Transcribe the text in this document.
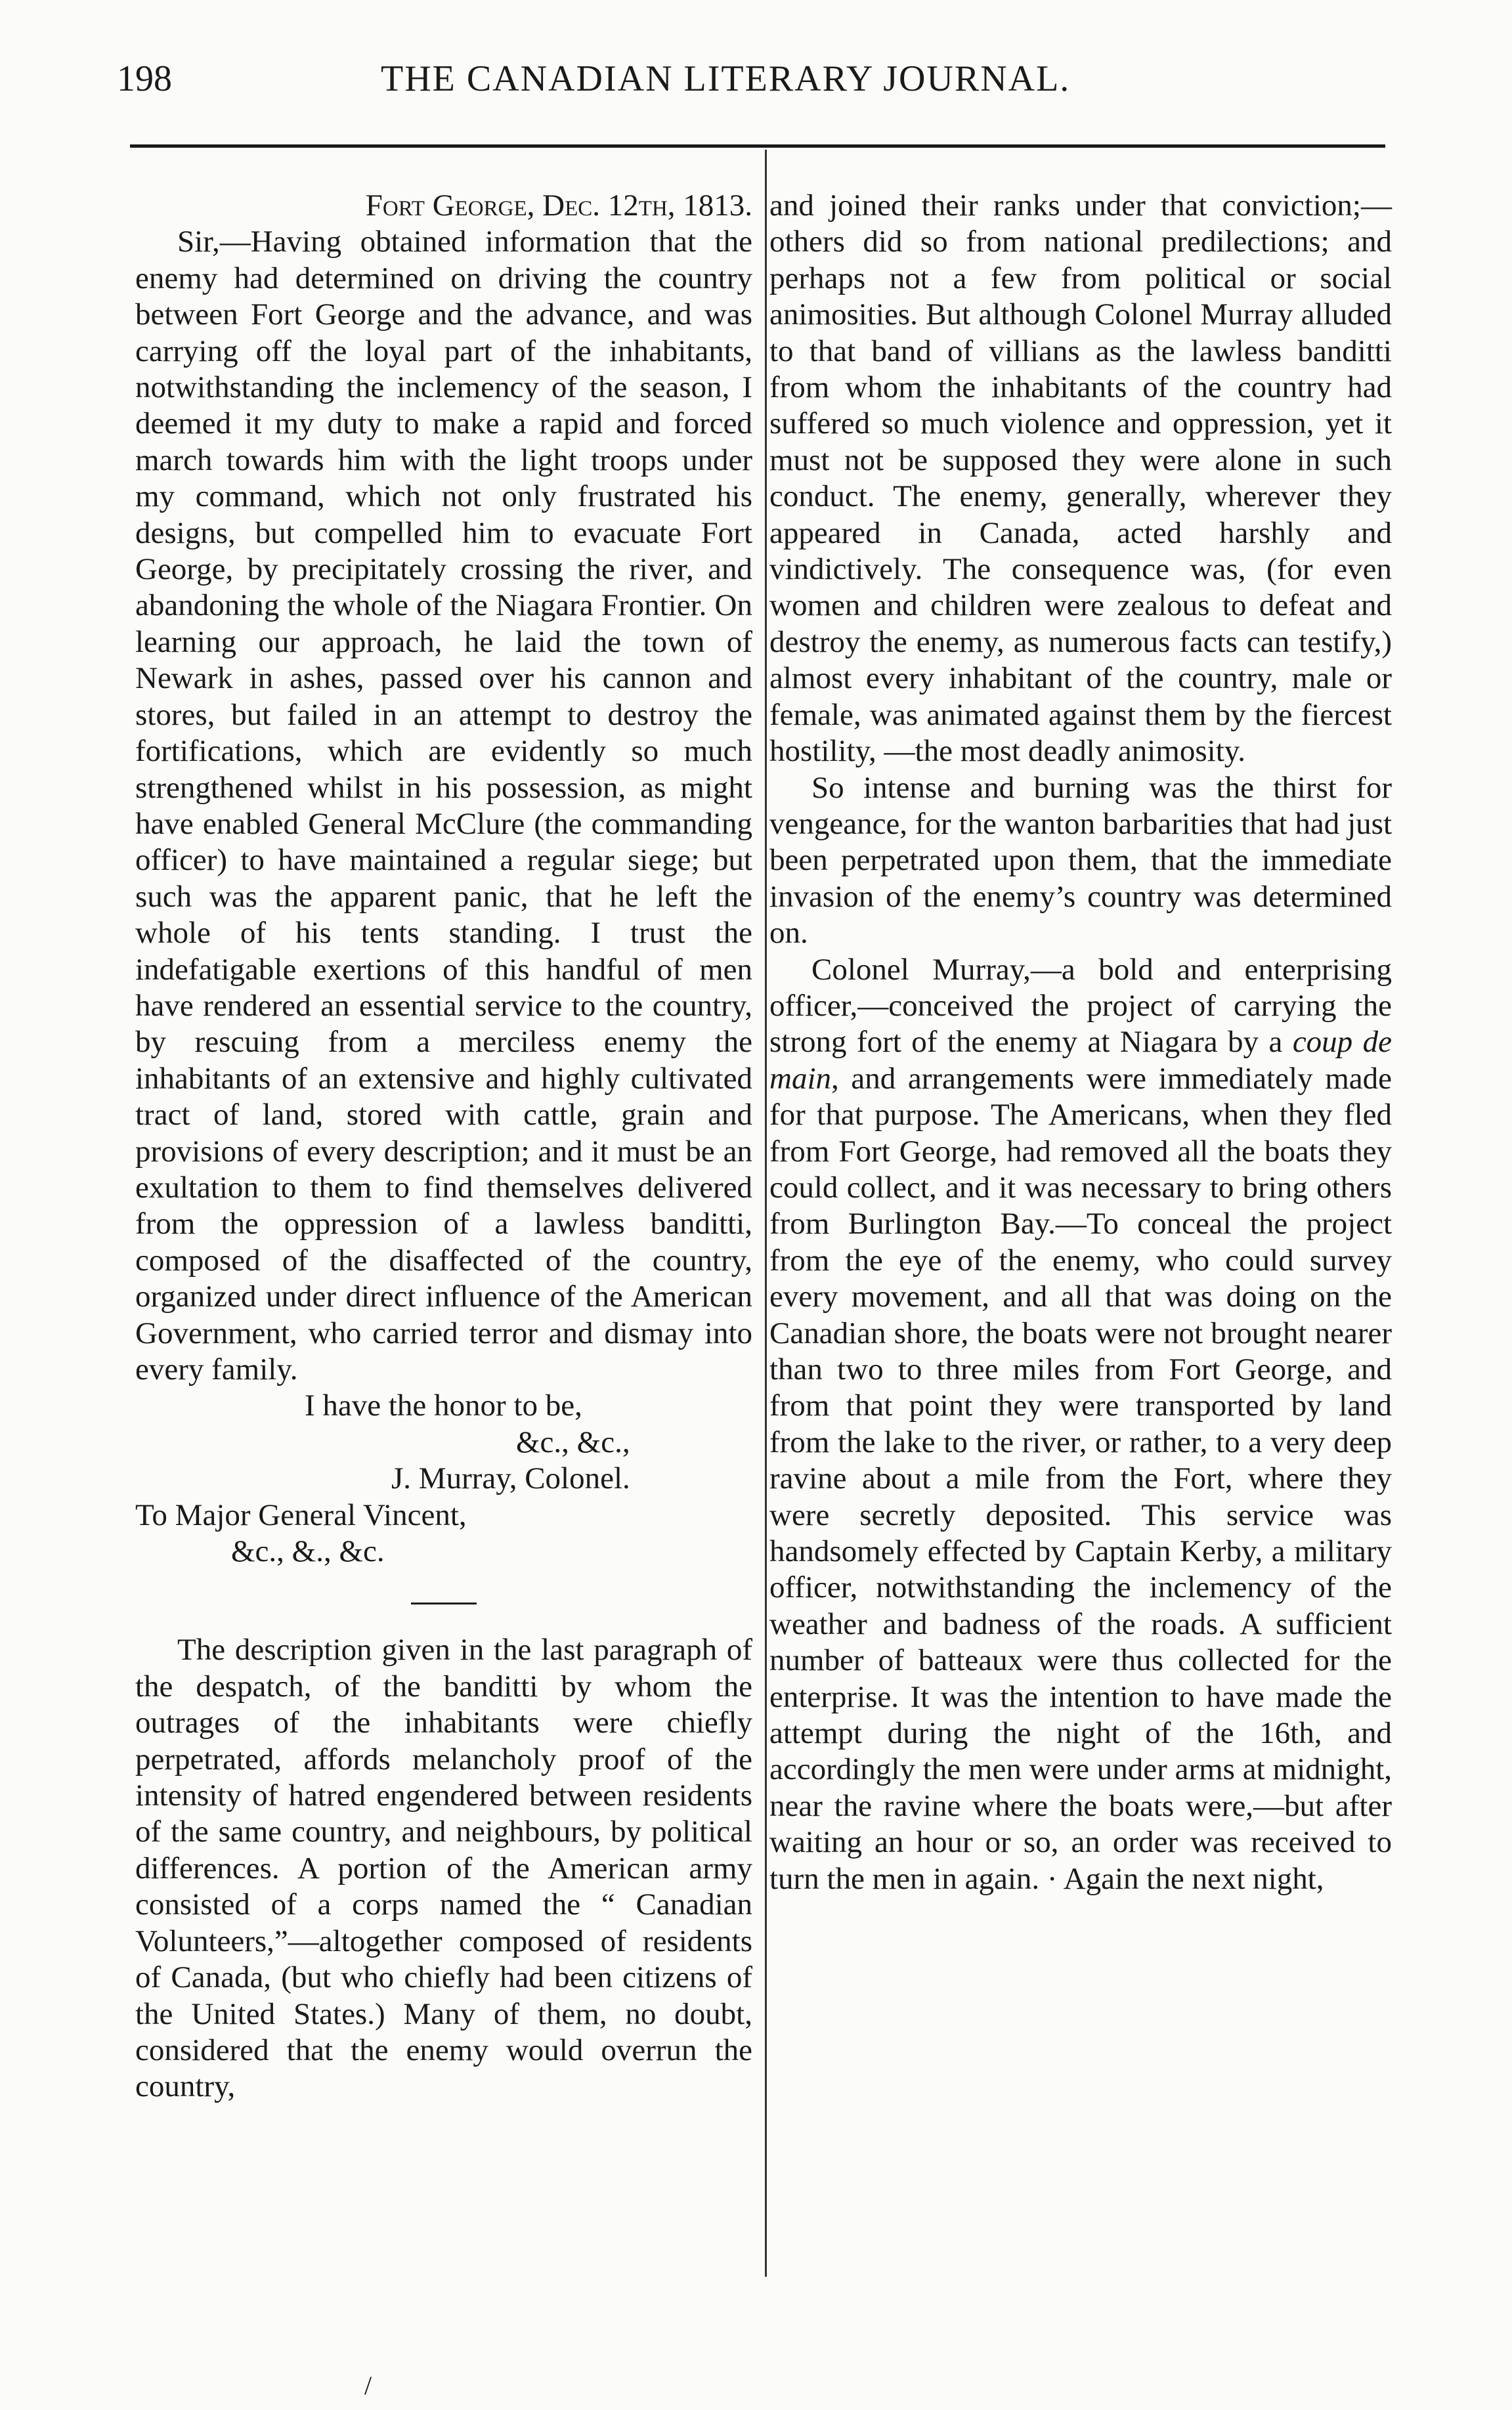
198	THE CANADIAN LITERARY JOURNAL.

Fort George, Dec. 12th, 1813.

Sir,—Having obtained information that the enemy had determined on driving the country between Fort George and the advance, and was carrying off the loyal part of the inhabitants, notwithstanding the inclemency of the season, I deemed it my duty to make a rapid and forced march towards him with the light troops under my command, which not only frustrated his designs, but compelled him to evacuate Fort George, by precipitately crossing the river, and abandoning the whole of the Niagara Frontier. On learning our approach, he laid the town of Newark in ashes, passed over his cannon and stores, but failed in an attempt to destroy the fortifications, which are evidently so much strengthened whilst in his possession, as might have enabled General McClure (the commanding officer) to have maintained a regular siege; but such was the apparent panic, that he left the whole of his tents standing. I trust the indefatigable exertions of this handful of men have rendered an essential service to the country, by rescuing from a merciless enemy the inhabitants of an extensive and highly cultivated tract of land, stored with cattle, grain and provisions of every description; and it must be an exultation to them to find themselves delivered from the oppression of a lawless banditti, composed of the disaffected of the country, organized under direct influence of the American Government, who carried terror and dismay into every family.

I have the honor to be,

&c., &c.,

J. Murray, Colonel.

To Major General Vincent,

&c., &., &c.

The description given in the last paragraph of the despatch, of the banditti by whom the outrages of the inhabitants were chiefly perpetrated, affords melancholy proof of the intensity of hatred engendered between residents of the same country, and neighbours, by political differences. A portion of the American army consisted of a corps named the “ Canadian Volunteers,”—altogether composed of residents of Canada, (but who chiefly had been citizens of the United States.) Many of them, no doubt, considered that the enemy would overrun the country,

and joined their ranks under that conviction;—others did so from national predilections; and perhaps not a few from political or social animosities. But although Colonel Murray alluded to that band of villians as the lawless banditti from whom the inhabitants of the country had suffered so much violence and oppression, yet it must not be supposed they were alone in such conduct. The enemy, generally, wherever they appeared in Canada, acted harshly and vindictively. The consequence was, (for even women and children were zealous to defeat and destroy the enemy, as numerous facts can testify,) almost every inhabitant of the country, male or female, was animated against them by the fiercest hostility, —the most deadly animosity.

So intense and burning was the thirst for vengeance, for the wanton barbarities that had just been perpetrated upon them, that the immediate invasion of the enemy’s country was determined on.

Colonel Murray,—a bold and enterprising officer,—conceived the project of carrying the strong fort of the enemy at Niagara by a coup de main, and arrangements were immediately made for that purpose. The Americans, when they fled from Fort George, had removed all the boats they could collect, and it was necessary to bring others from Burlington Bay.—To conceal the project from the eye of the enemy, who could survey every movement, and all that was doing on the Canadian shore, the boats were not brought nearer than two to three miles from Fort George, and from that point they were transported by land from the lake to the river, or rather, to a very deep ravine about a mile from the Fort, where they were secretly deposited. This service was handsomely effected by Captain Kerby, a military officer, notwithstanding the inclemency of the weather and badness of the roads. A sufficient number of batteaux were thus collected for the enterprise. It was the intention to have made the attempt during the night of the 16th, and accordingly the men were under arms at midnight, near the ravine where the boats were,—but after waiting an hour or so, an order was received to turn the men in again. · Again the next night,

/
